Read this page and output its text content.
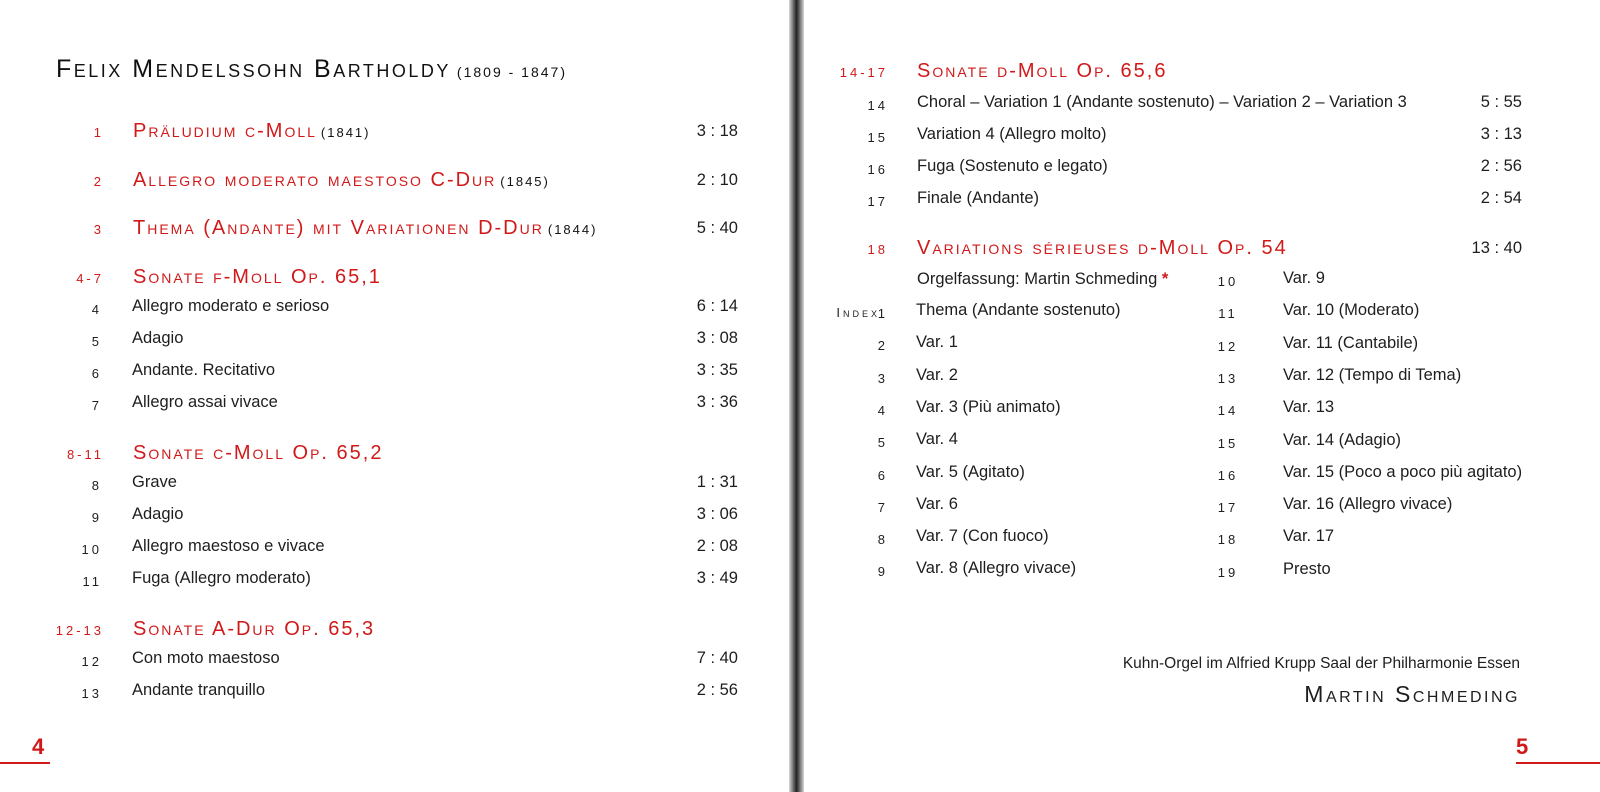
Felix Mendelssohn Bartholdy (1809 - 1847)
1 Präludium c-Moll (1841)	3 : 18
2 Allegro moderato maestoso C-Dur (1845)	2 : 10
3 Thema (Andante) mit Variationen D-Dur (1844)	5 : 40
4-7 Sonate f-Moll Op. 65,1
4 Allegro moderato e serioso	6 : 14
5 Adagio	3 : 08
6 Andante. Recitativo	3 : 35
7 Allegro assai vivace	3 : 36
8-11 Sonate c-Moll Op. 65,2
8 Grave	1 : 31
9 Adagio	3 : 06
10 Allegro maestoso e vivace	2 : 08
11 Fuga (Allegro moderato)	3 : 49
12-13 Sonate A-Dur Op. 65,3
12 Con moto maestoso	7 : 40
13 Andante tranquillo	2 : 56
4
14-17 Sonate d-Moll Op. 65,6
14 Choral – Variation 1 (Andante sostenuto) – Variation 2 – Variation 3	5 : 55
15 Variation 4 (Allegro molto)	3 : 13
16 Fuga (Sostenuto e legato)	2 : 56
17 Finale (Andante)	2 : 54
18 Variations sérieuses d-Moll Op. 54	13 : 40
Orgelfassung: Martin Schmeding *
Index
1 Thema (Andante sostenuto)
2 Var. 1
3 Var. 2
4 Var. 3 (Più animato)
5 Var. 4
6 Var. 5 (Agitato)
7 Var. 6
8 Var. 7 (Con fuoco)
9 Var. 8 (Allegro vivace)
10	Var. 9
11	Var. 10 (Moderato)
12	Var. 11 (Cantabile)
13	Var. 12 (Tempo di Tema)
14	Var. 13
15	Var. 14 (Adagio)
16	Var. 15 (Poco a poco più agitato)
17	Var. 16 (Allegro vivace)
18	Var. 17
19	Presto
Kuhn-Orgel im Alfried Krupp Saal der Philharmonie Essen
Martin Schmeding
5
